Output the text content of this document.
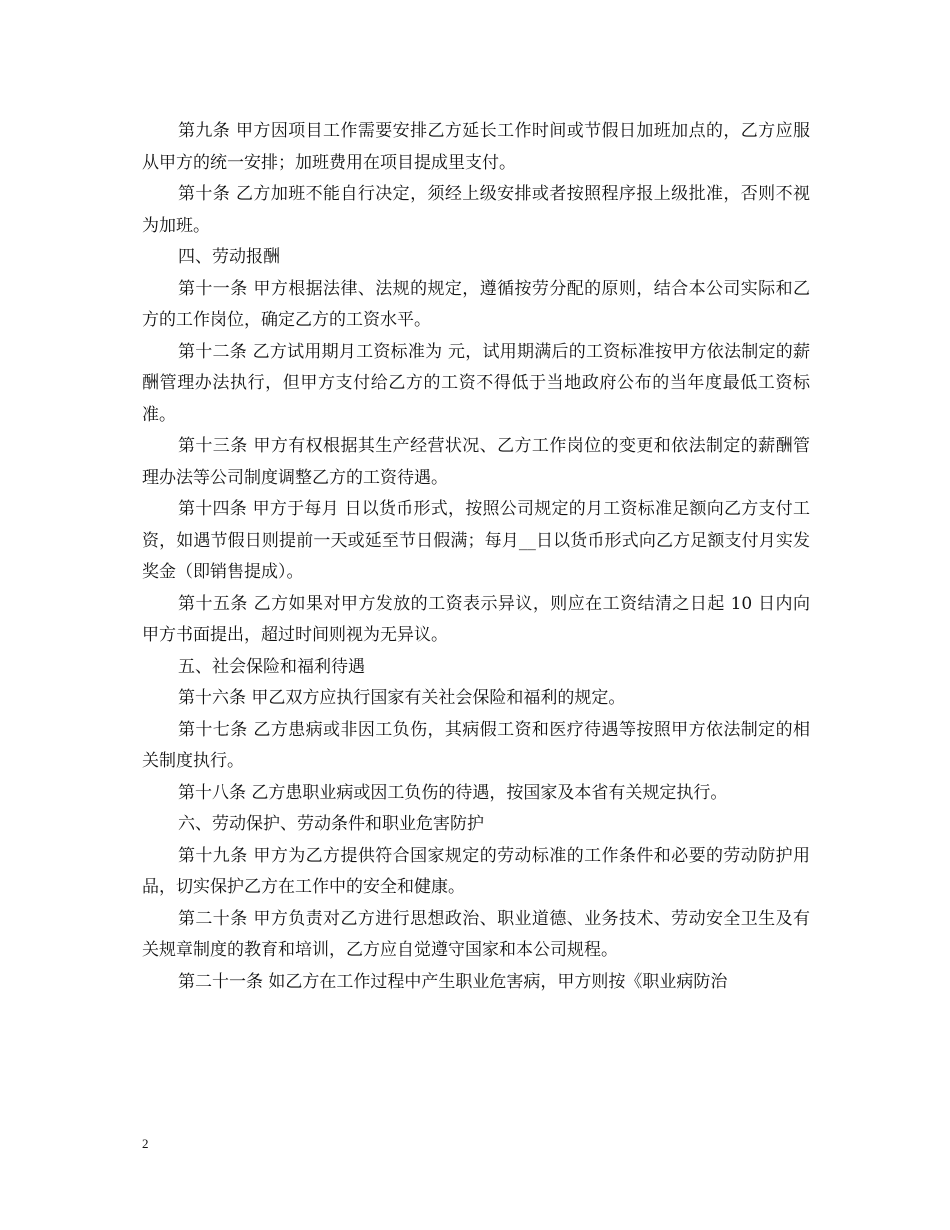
第九条 甲方因项目工作需要安排乙方延长工作时间或节假日加班加点的，乙方应服从甲方的统一安排；加班费用在项目提成里支付。

第十条 乙方加班不能自行决定，须经上级安排或者按照程序报上级批准，否则不视为加班。

四、劳动报酬

第十一条 甲方根据法律、法规的规定，遵循按劳分配的原则，结合本公司实际和乙方的工作岗位，确定乙方的工资水平。

第十二条 乙方试用期月工资标准为 元，试用期满后的工资标准按甲方依法制定的薪酬管理办法执行，但甲方支付给乙方的工资不得低于当地政府公布的当年度最低工资标准。

第十三条 甲方有权根据其生产经营状况、乙方工作岗位的变更和依法制定的薪酬管理办法等公司制度调整乙方的工资待遇。

第十四条 甲方于每月 日以货币形式，按照公司规定的月工资标准足额向乙方支付工资，如遇节假日则提前一天或延至节日假满；每月__日以货币形式向乙方足额支付月实发奖金（即销售提成）。

第十五条 乙方如果对甲方发放的工资表示异议，则应在工资结清之日起 10 日内向甲方书面提出，超过时间则视为无异议。

五、社会保险和福利待遇

第十六条 甲乙双方应执行国家有关社会保险和福利的规定。

第十七条 乙方患病或非因工负伤，其病假工资和医疗待遇等按照甲方依法制定的相关制度执行。

第十八条 乙方患职业病或因工负伤的待遇，按国家及本省有关规定执行。

六、劳动保护、劳动条件和职业危害防护

第十九条 甲方为乙方提供符合国家规定的劳动标准的工作条件和必要的劳动防护用品，切实保护乙方在工作中的安全和健康。

第二十条 甲方负责对乙方进行思想政治、职业道德、业务技术、劳动安全卫生及有关规章制度的教育和培训，乙方应自觉遵守国家和本公司规程。

第二十一条 如乙方在工作过程中产生职业危害病，甲方则按《职业病防治

2
